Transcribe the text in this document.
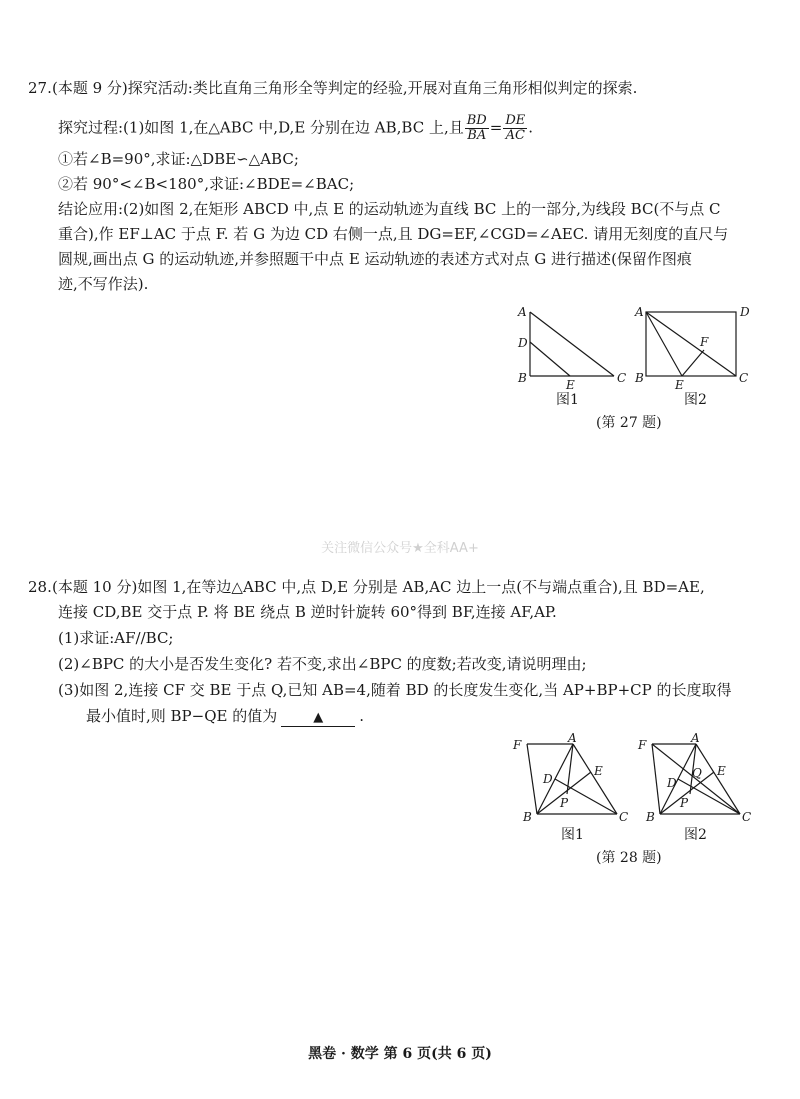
27. (本题 9 分)探究活动:类比直角三角形全等判定的经验,开展对直角三角形相似判定的探索.
探究过程:(1)如图 1,在△ABC 中,D,E 分别在边 AB,BC 上,且 $\frac{BD}{BA} = \frac{DE}{AC}$ .
①若∠B=90°,求证:△DBE∽△ABC;
②若 90°<∠B<180°,求证:∠BDE=∠BAC;
结论应用:(2)如图 2,在矩形 ABCD 中,点 E 的运动轨迹为直线 BC 上的一部分,为线段 BC(不与点 C
重合),作 EF⊥AC 于点 F. 若 G 为边 CD 右侧一点,且 DG=EF,∠CGD=∠AEC. 请用无刻度的直尺与
圆规,画出点 G 的运动轨迹,并参照题干中点 E 运动轨迹的表述方式对点 G 进行描述(保留作图痕
迹,不写作法).
A
D
B	E	C
图1
A	D
F
B	E	C
图2
(第 27 题)
关注微信公众号★全科AA+
28. (本题 10 分)如图 1,在等边△ABC 中,点 D,E 分别是 AB,AC 边上一点(不与端点重合),且 BD=AE,
连接 CD,BE 交于点 P. 将 BE 绕点 B 逆时针旋转 60°得到 BF,连接 AF,AP.
(1)求证:AF//BC;
(2)∠BPC 的大小是否发生变化? 若不变,求出∠BPC 的度数;若改变,请说明理由;
(3)如图 2,连接 CF 交 BE 于点 Q,已知 AB=4,随着 BD 的长度发生变化,当 AP+BP+CP 的长度取得
最小值时,则 BP−QE 的值为	▲ .
F	A
D
E
P
B	C
图1
F	A
Q
D
E
P
B	C
图2
(第 28 题)
黑卷 · 数学 第 6 页(共 6 页)
